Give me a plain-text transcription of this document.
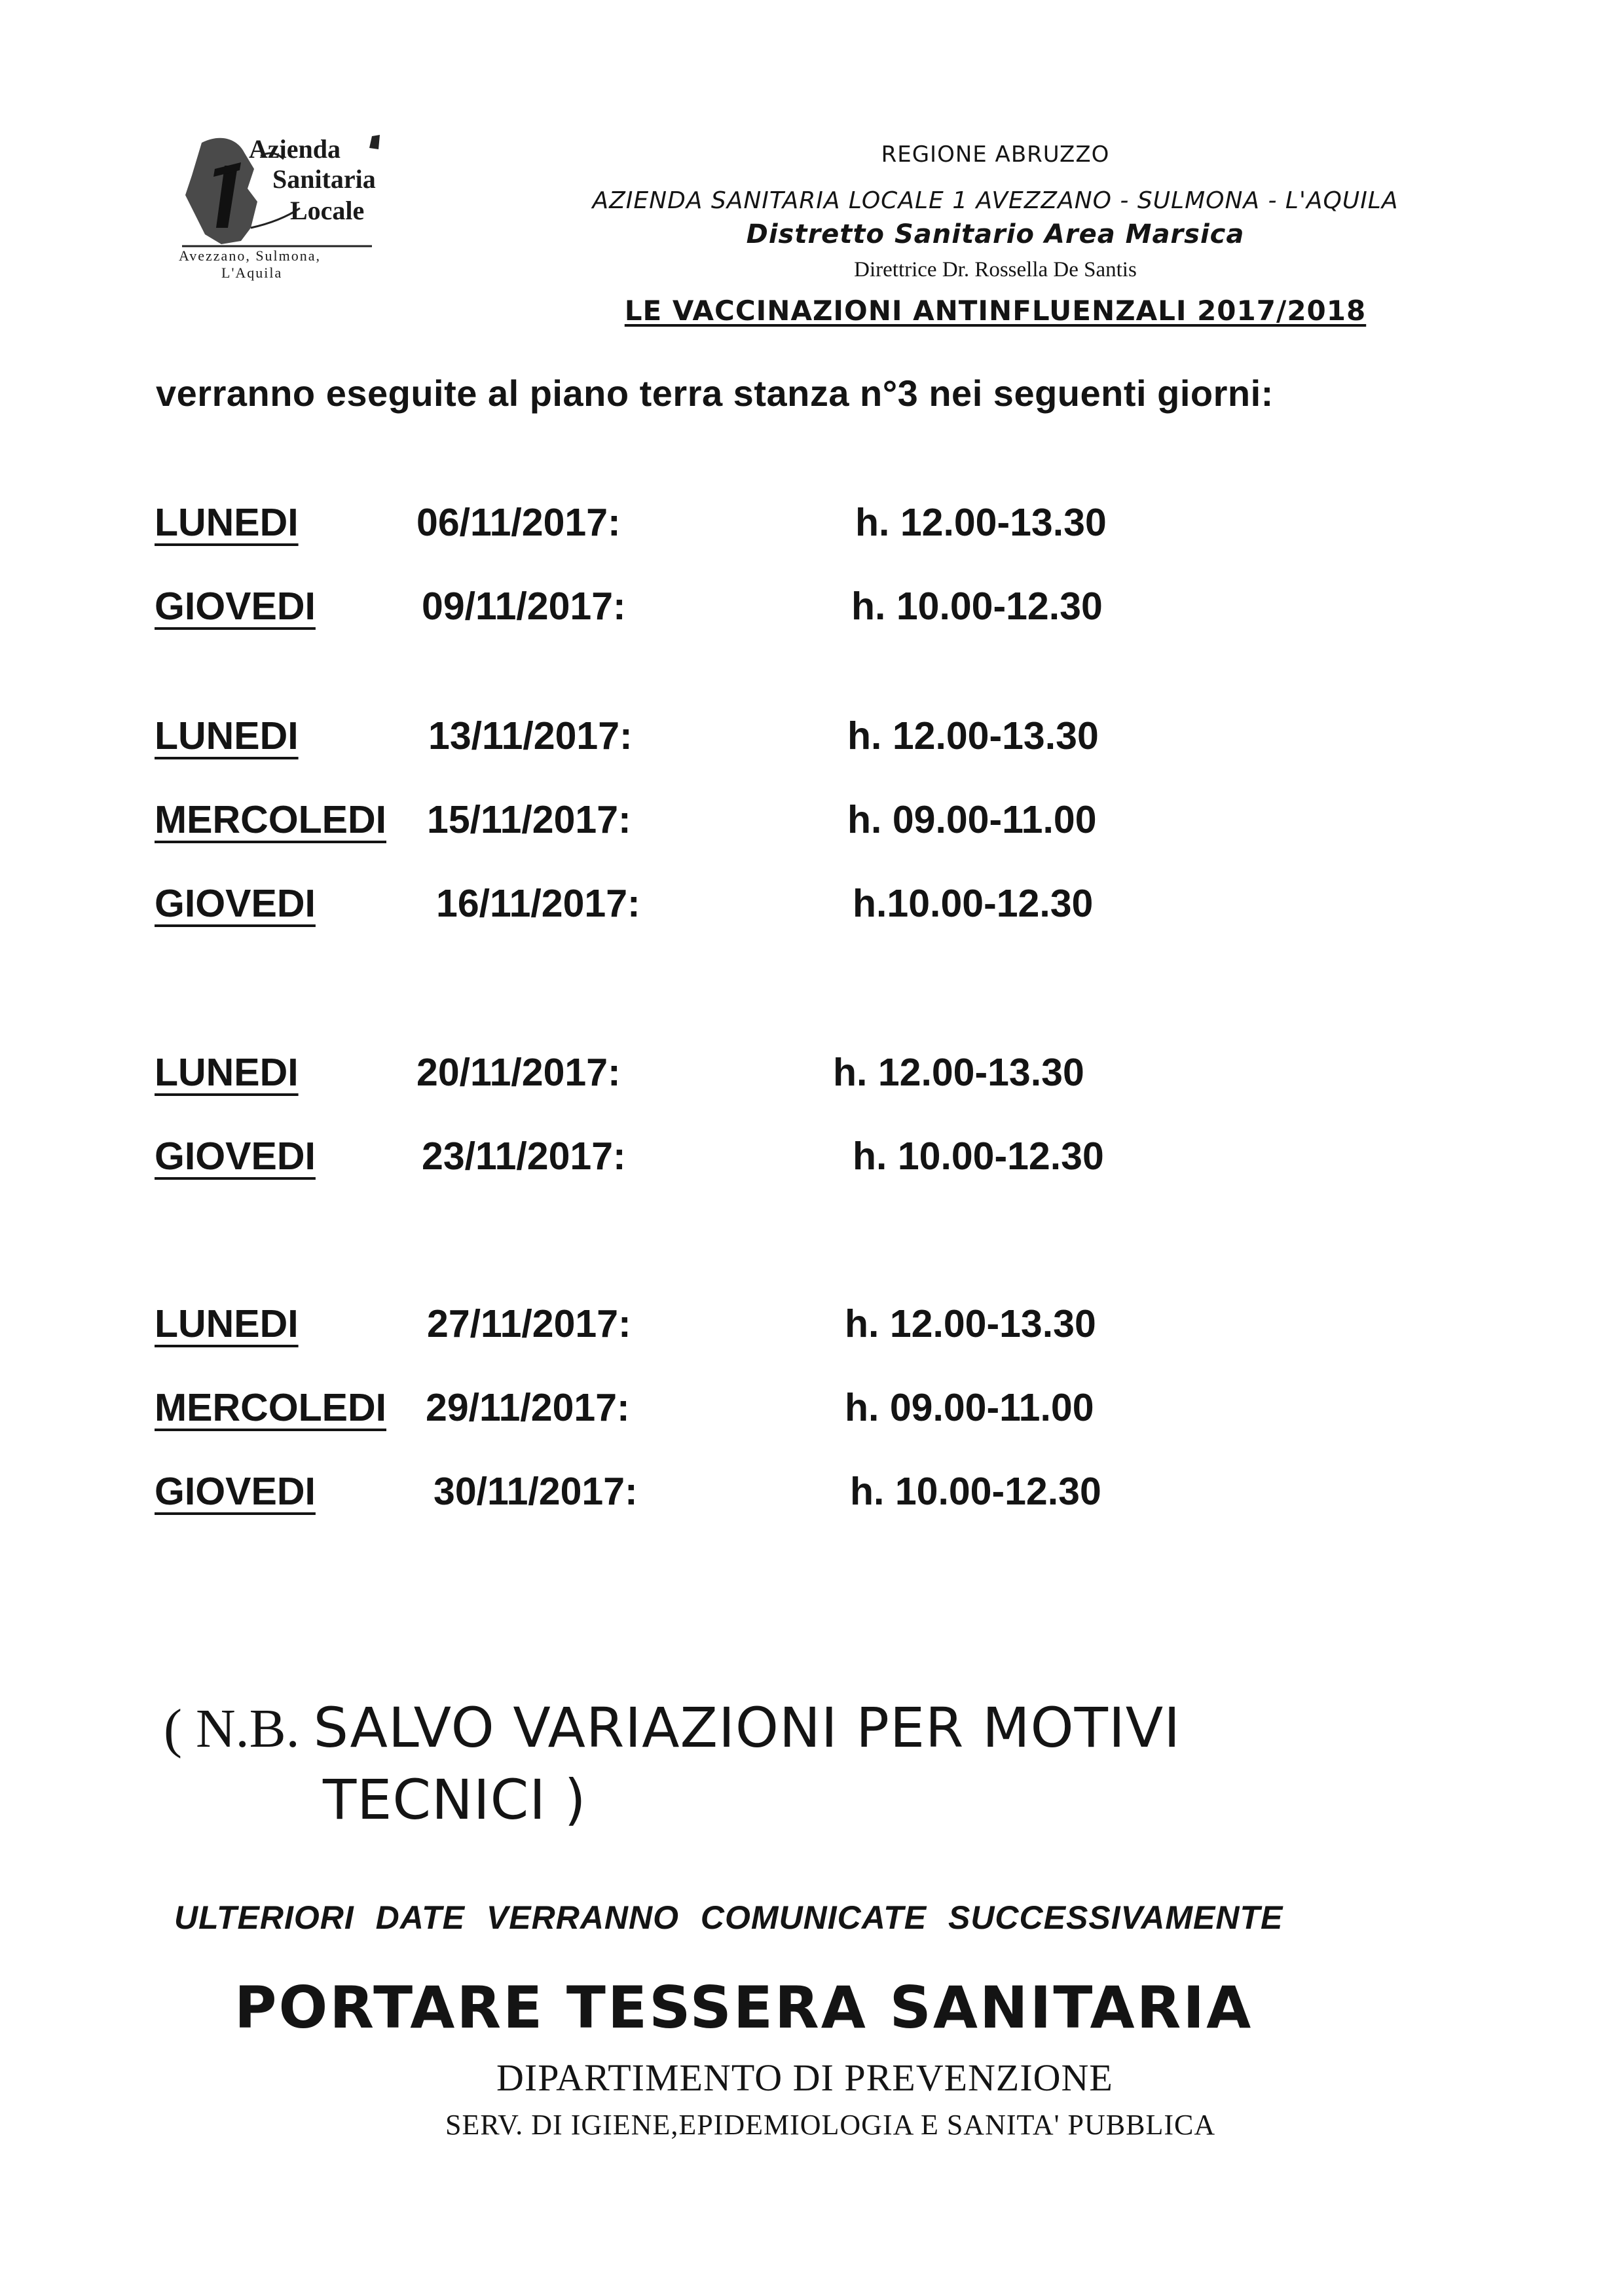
Azienda
Sanitaria
Locale
Avezzano, Sulmona,
L'Aquila
REGIONE ABRUZZO
AZIENDA SANITARIA LOCALE 1 AVEZZANO - SULMONA - L'AQUILA
Distretto Sanitario Area Marsica
Direttrice Dr. Rossella De Santis
LE VACCINAZIONI ANTINFLUENZALI 2017/2018
verranno eseguite al piano terra stanza n°3 nei seguenti giorni:
LUNEDI	06/11/2017:	h. 12.00-13.30
GIOVEDI	09/11/2017:	h. 10.00-12.30
LUNEDI	13/11/2017:	h. 12.00-13.30
MERCOLEDI 15/11/2017:	h. 09.00-11.00
GIOVEDI	16/11/2017:	h.10.00-12.30
LUNEDI	20/11/2017:	h. 12.00-13.30
GIOVEDI	23/11/2017:	h. 10.00-12.30
LUNEDI	27/11/2017:	h. 12.00-13.30
MERCOLEDI 29/11/2017:	h. 09.00-11.00
GIOVEDI	30/11/2017:	h. 10.00-12.30
( N.B. SALVO VARIAZIONI PER MOTIVI
TECNICI )
ULTERIORI DATE VERRANNO COMUNICATE SUCCESSIVAMENTE
PORTARE TESSERA SANITARIA
DIPARTIMENTO DI PREVENZIONE
SERV. DI IGIENE,EPIDEMIOLOGIA E SANITA' PUBBLICA
